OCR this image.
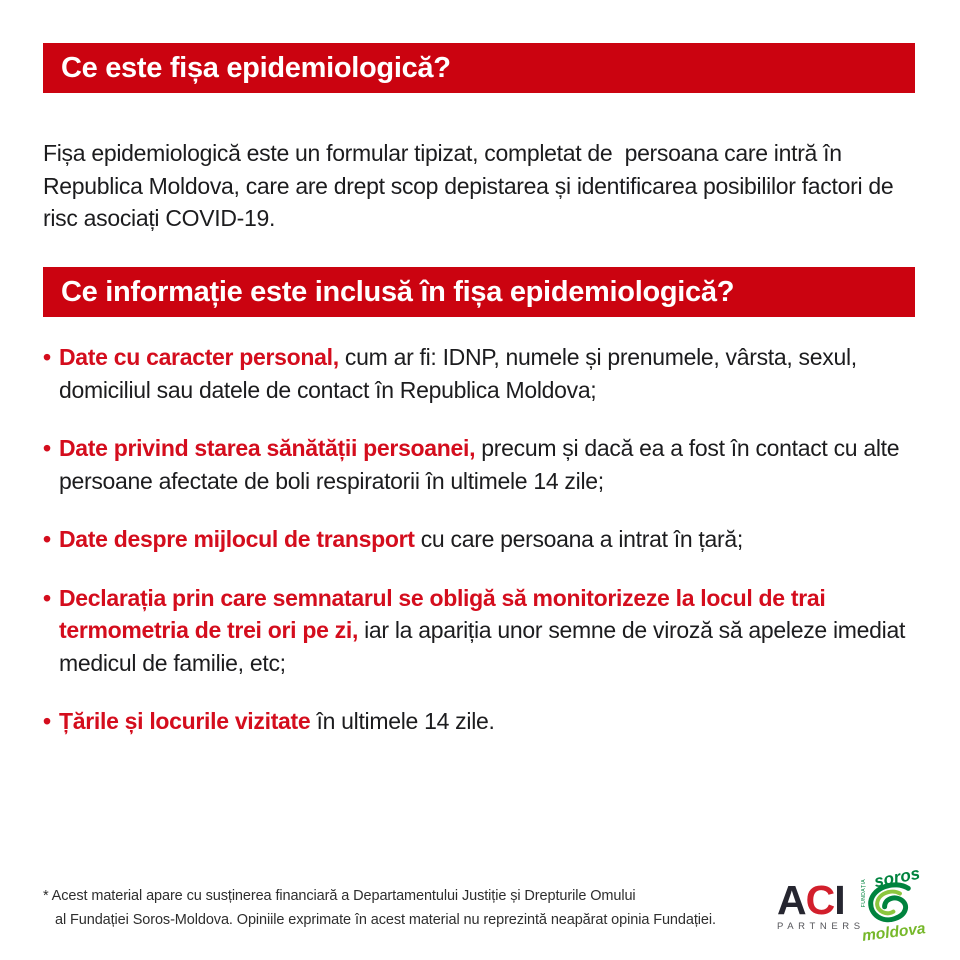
Ce este fișa epidemiologică?

Fișa epidemiologică este un formular tipizat, completat de  persoana care intră în Republica Moldova, care are drept scop depistarea și identificarea posibililor factori de risc asociați COVID-19.

Ce informație este inclusă în fișa epidemiologică?
• Date cu caracter personal, cum ar fi: IDNP, numele și prenumele, vârsta, sexul, domiciliul sau datele de contact în Republica Moldova;
• Date privind starea sănătății persoanei, precum și dacă ea a fost în contact cu alte persoane afectate de boli respiratorii în ultimele 14 zile;
• Date despre mijlocul de transport cu care persoana a intrat în țară;
• Declarația prin care semnatarul se obligă să monitorizeze la locul de trai termometria de trei ori pe zi, iar la apariția unor semne de viroză să apeleze imediat medicul de familie, etc;
• Țările și locurile vizitate în ultimele 14 zile.
* Acest material apare cu susținerea financiară a Departamentului Justiție și Drepturile Omului
al Fundației Soros-Moldova. Opiniile exprimate în acest material nu reprezintă neapărat opinia Fundației.	ACI
PARTNERS
soros
FUNDAȚIA
moldova
